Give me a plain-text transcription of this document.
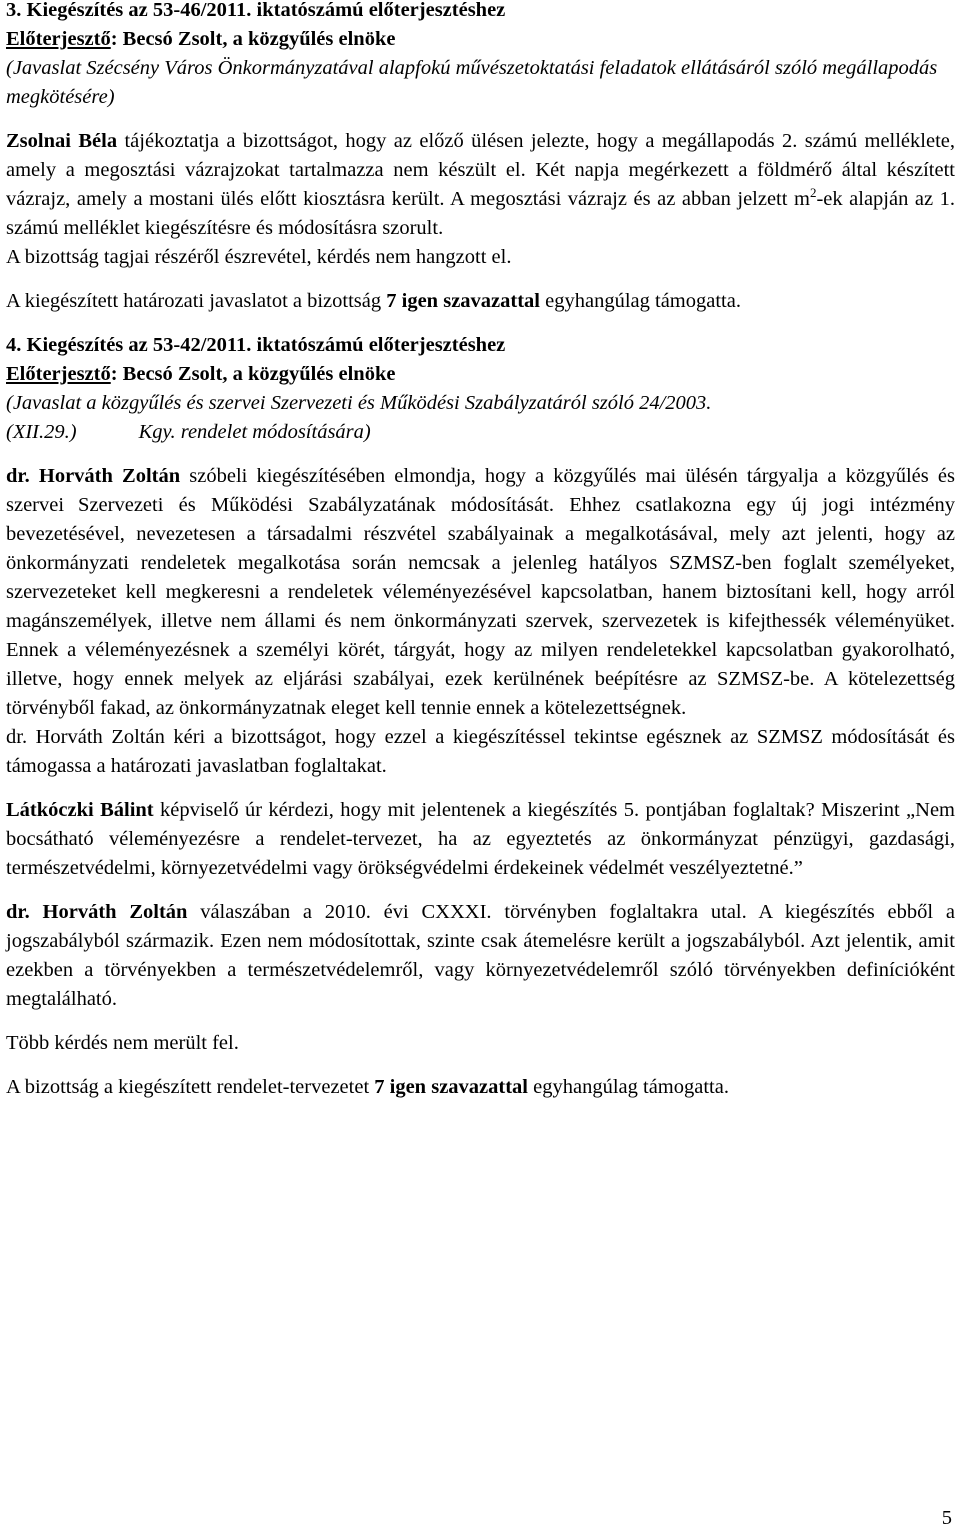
3. Kiegészítés az 53-46/2011. iktatószámú előterjesztéshez

Előterjesztő: Becsó Zsolt, a közgyűlés elnöke

(Javaslat Szécsény Város Önkormányzatával alapfokú művészetoktatási feladatok ellátásáról szóló megállapodás megkötésére)

Zsolnai Béla tájékoztatja a bizottságot, hogy az előző ülésen jelezte, hogy a megállapodás 2. számú melléklete, amely a megosztási vázrajzokat tartalmazza nem készült el. Két napja megérkezett a földmérő által készített vázrajz, amely a mostani ülés előtt kiosztásra került. A megosztási vázrajz és az abban jelzett $m^2-ek$ alapján az 1. számú melléklet kiegészítésre és módosításra szorult.

A bizottság tagjai részéről észrevétel, kérdés nem hangzott el.

A kiegészített határozati javaslatot a bizottság 7 igen szavazattal egyhangúlag támogatta.

4. Kiegészítés az 53-42/2011. iktatószámú előterjesztéshez

Előterjesztő: Becsó Zsolt, a közgyűlés elnöke

(Javaslat a közgyűlés és szervei Szervezeti és Működési Szabályzatáról szóló 24/2003.
(XII.29.)	Kgy. rendelet módosítására)

dr. Horváth Zoltán szóbeli kiegészítésében elmondja, hogy a közgyűlés mai ülésén tárgyalja a közgyűlés és szervei Szervezeti és Működési Szabályzatának módosítását. Ehhez csatlakozna egy új jogi intézmény bevezetésével, nevezetesen a társadalmi részvétel szabályainak a megalkotásával, mely azt jelenti, hogy az önkormányzati rendeletek megalkotása során nemcsak a jelenleg hatályos SZMSZ-ben foglalt személyeket, szervezeteket kell megkeresni a rendeletek véleményezésével kapcsolatban, hanem biztosítani kell, hogy arról magánszemélyek, illetve nem állami és nem önkormányzati szervek, szervezetek is kifejthessék véleményüket. Ennek a véleményezésnek a személyi körét, tárgyát, hogy az milyen rendeletekkel kapcsolatban gyakorolható, illetve, hogy ennek melyek az eljárási szabályai, ezek kerülnének beépítésre az SZMSZ-be. A kötelezettség törvényből fakad, az önkormányzatnak eleget kell tennie ennek a kötelezettségnek.

dr. Horváth Zoltán kéri a bizottságot, hogy ezzel a kiegészítéssel tekintse egésznek az SZMSZ módosítását és támogassa a határozati javaslatban foglaltakat.

Látkóczki Bálint képviselő úr kérdezi, hogy mit jelentenek a kiegészítés 5. pontjában foglaltak? Miszerint „Nem bocsátható véleményezésre a rendelet-tervezet, ha az egyeztetés az önkormányzat pénzügyi, gazdasági, természetvédelmi, környezetvédelmi vagy örökségvédelmi érdekeinek védelmét veszélyeztetné.”

dr. Horváth Zoltán válaszában a 2010. évi CXXXI. törvényben foglaltakra utal. A kiegészítés ebből a jogszabályból származik. Ezen nem módosítottak, szinte csak átemelésre került a jogszabályból. Azt jelentik, amit ezekben a törvényekben a természetvédelemről, vagy környezetvédelemről szóló törvényekben definícióként megtalálható.

Több kérdés nem merült fel.

A bizottság a kiegészített rendelet-tervezetet 7 igen szavazattal egyhangúlag támogatta.

5
